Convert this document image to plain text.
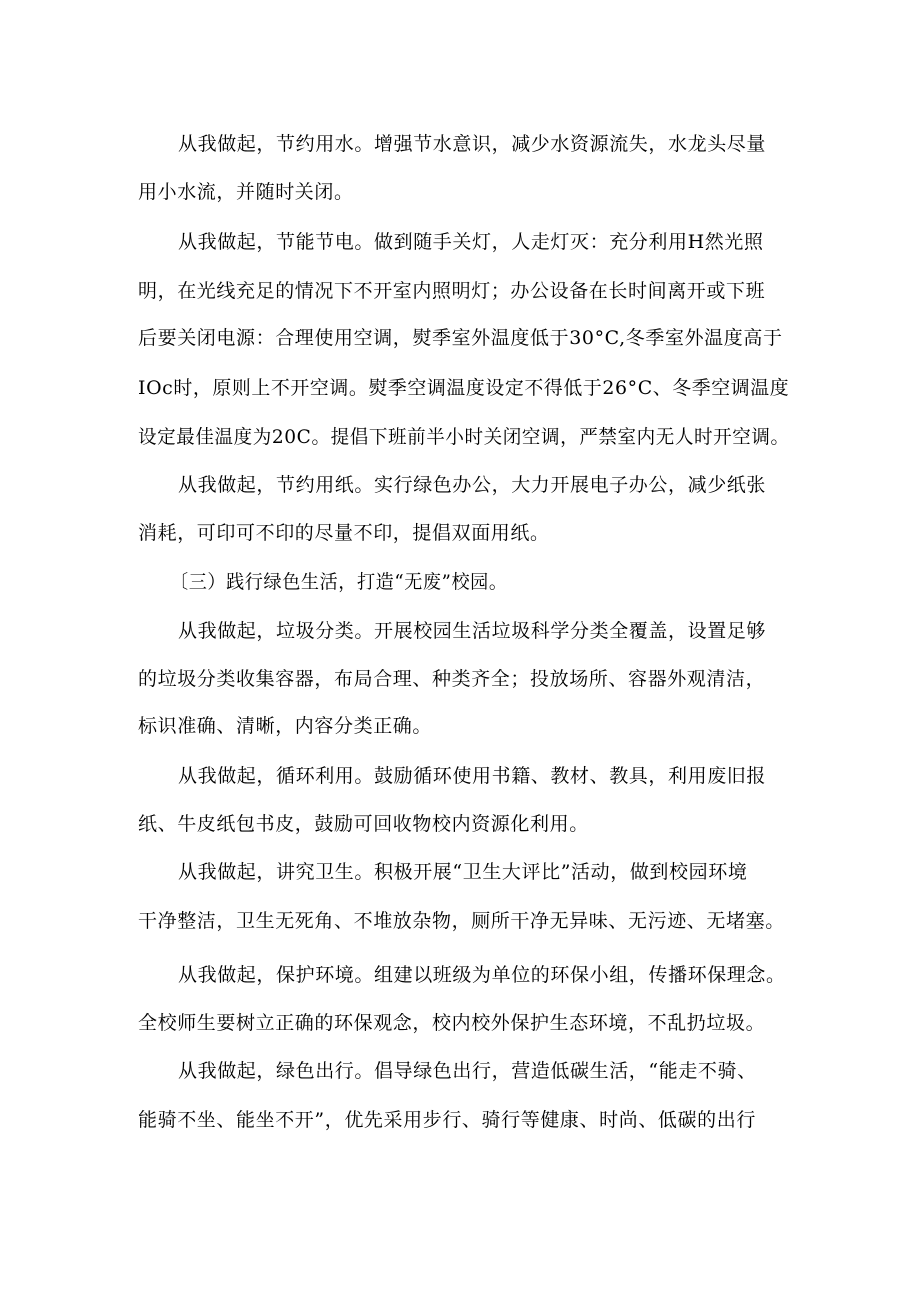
从我做起，节约用水。增强节水意识，减少水资源流失，水龙头尽量
用小水流，并随时关闭。
从我做起，节能节电。做到随手关灯，人走灯灭：充分利用H然光照
明，在光线充足的情况下不开室内照明灯；办公设备在长时间离开或下班
后要关闭电源：合理使用空调，熨季室外温度低于30°C,冬季室外温度高于
IOc时，原则上不开空调。熨季空调温度设定不得低于26°C、冬季空调温度
设定最佳温度为20C。提倡下班前半小时关闭空调，严禁室内无人时开空调。
从我做起，节约用纸。实行绿色办公，大力开展电子办公，减少纸张
消耗，可印可不印的尽量不印，提倡双面用纸。
〔三）践行绿色生活，打造“无废”校园。
从我做起，垃圾分类。开展校园生活垃圾科学分类全覆盖，设置足够
的垃圾分类收集容器，布局合理、种类齐全；投放场所、容器外观清洁，
标识准确、清晰，内容分类正确。
从我做起，循环利用。鼓励循环使用书籍、教材、教具，利用废旧报
纸、牛皮纸包书皮，鼓励可回收物校内资源化利用。
从我做起，讲究卫生。积极开展“卫生大评比”活动，做到校园环境
干净整洁，卫生无死角、不堆放杂物，厕所干净无异味、无污迹、无堵塞。
从我做起，保护环境。组建以班级为单位的环保小组，传播环保理念。
全校师生要树立正确的环保观念，校内校外保护生态环境，不乱扔垃圾。
从我做起，绿色出行。倡导绿色出行，营造低碳生活，“能走不骑、
能骑不坐、能坐不开”，优先采用步行、骑行等健康、时尚、低碳的出行
